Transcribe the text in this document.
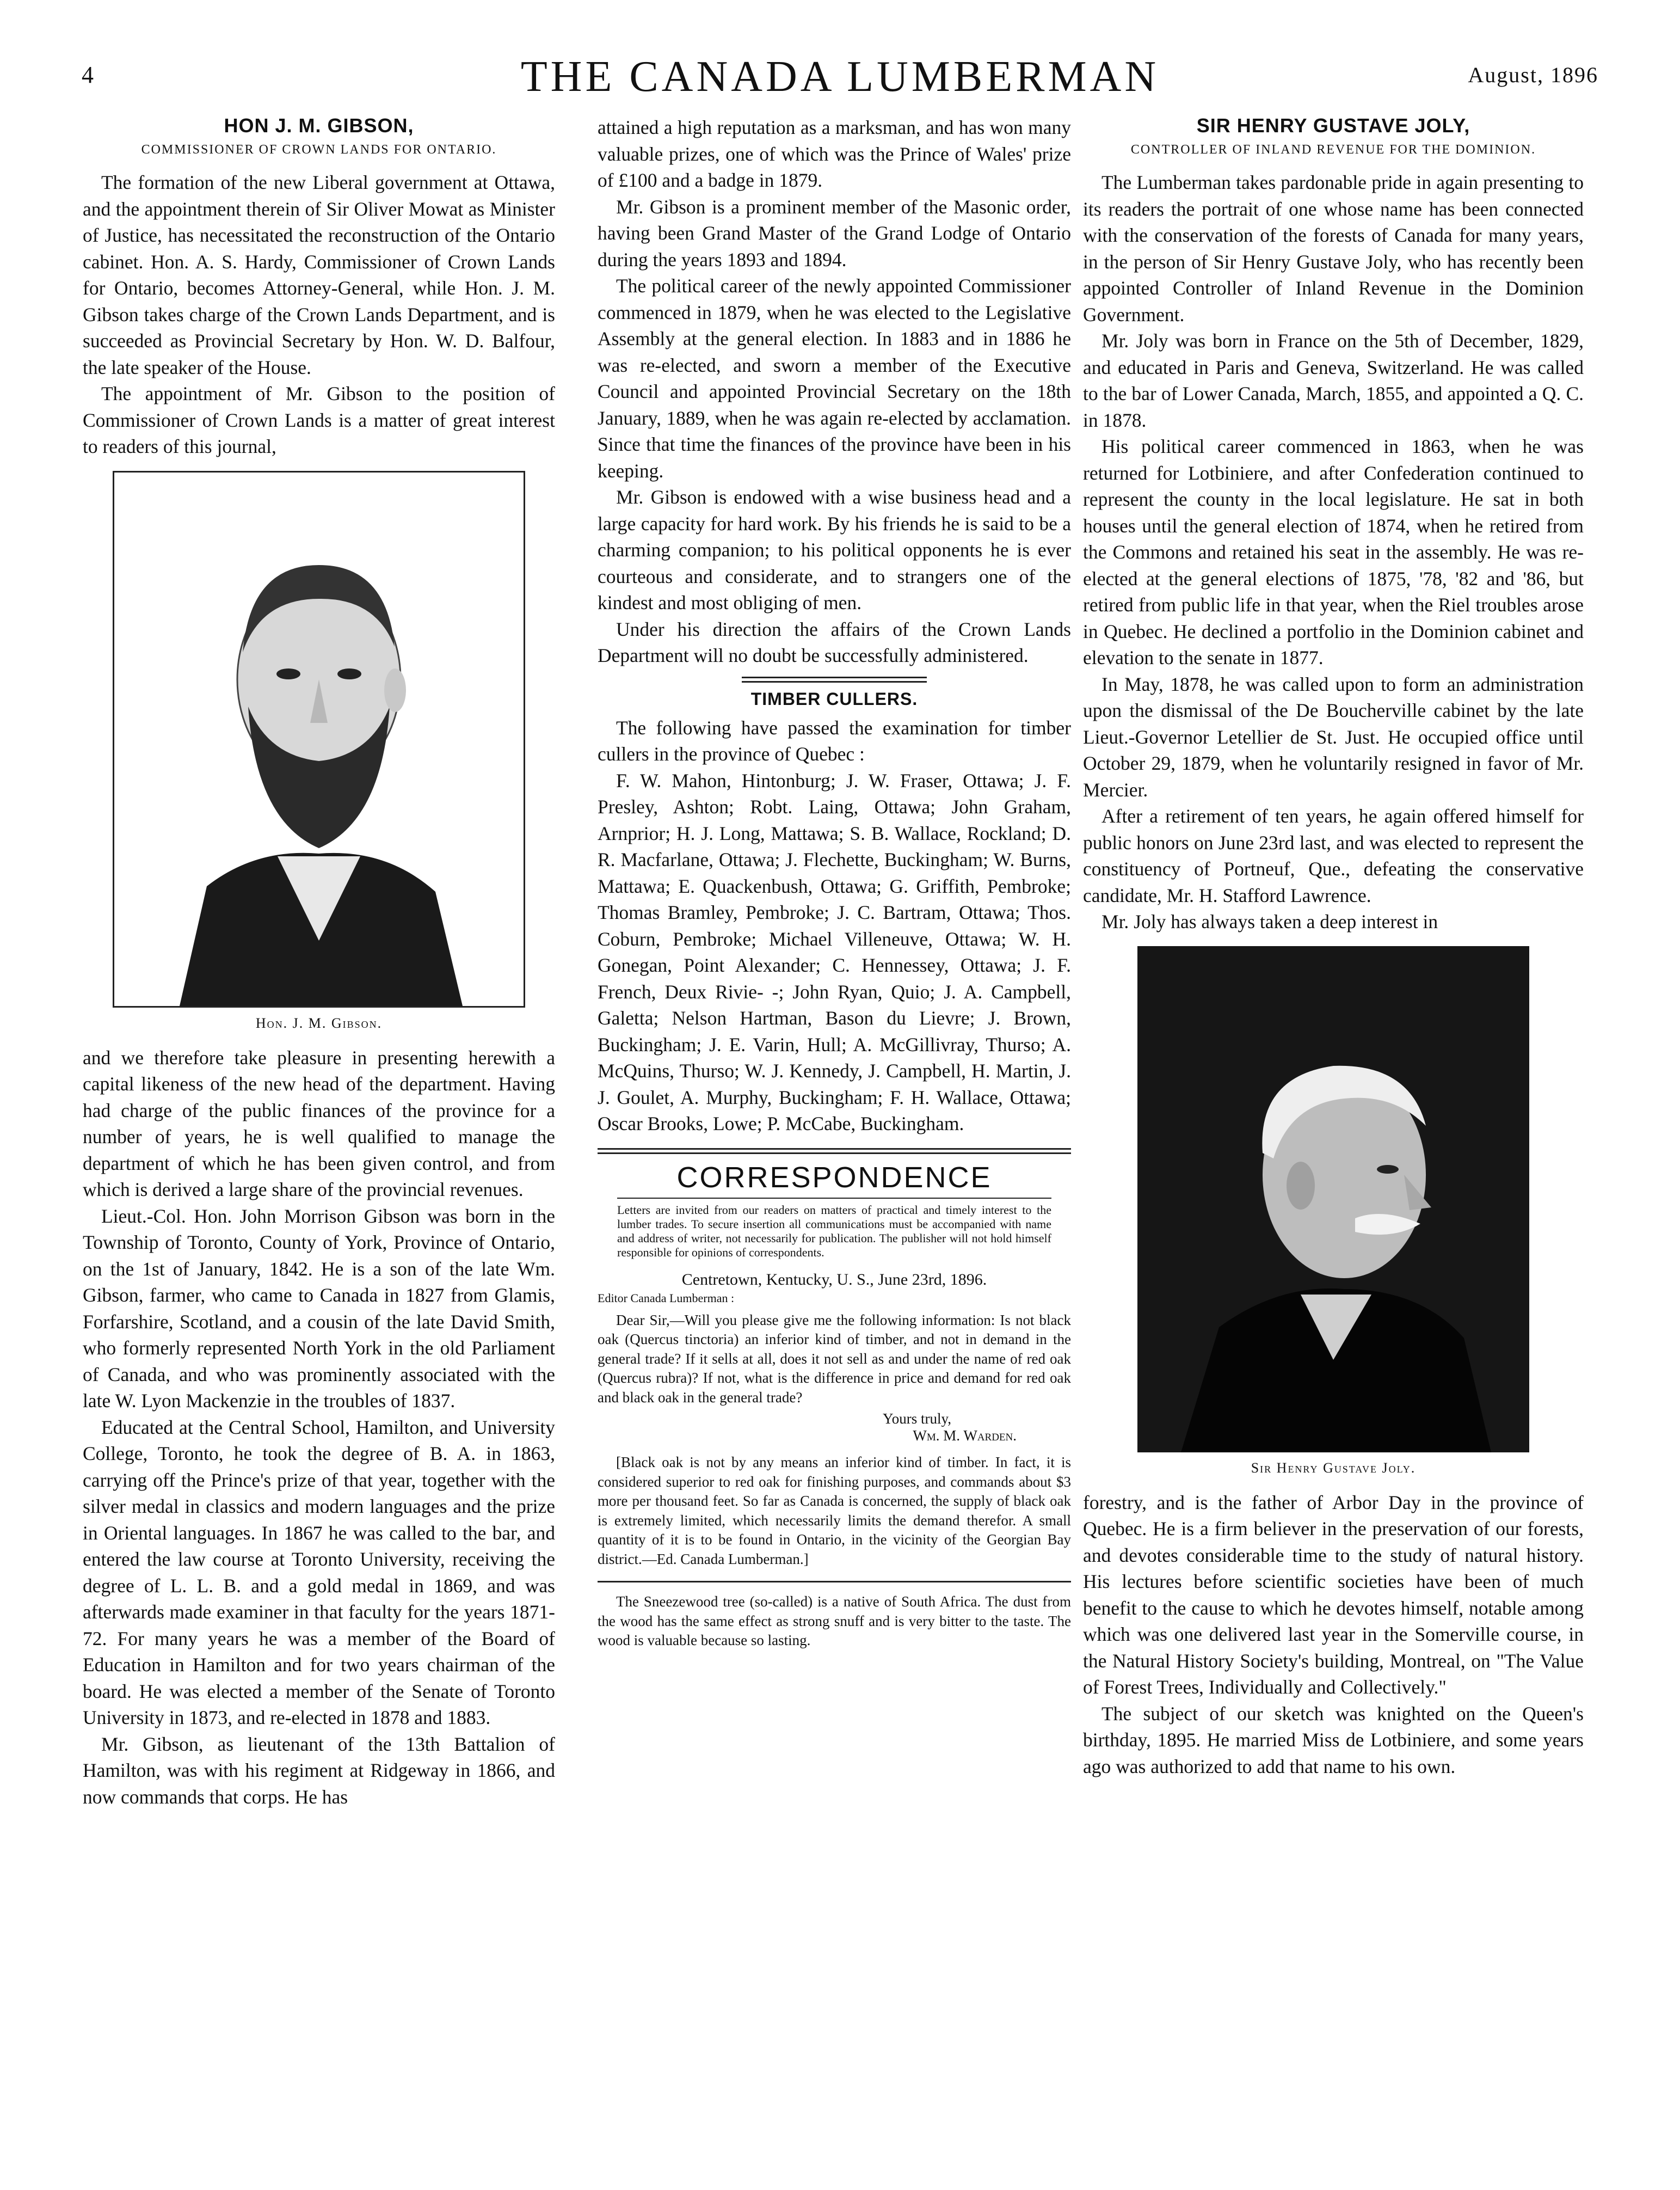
4	THE CANADA LUMBERMAN	August, 1896
HON J. M. GIBSON,
COMMISSIONER OF CROWN LANDS FOR ONTARIO.

The formation of the new Liberal government at Ottawa, and the appointment therein of Sir Oliver Mowat as Minister of Justice, has necessitated the reconstruction of the Ontario cabinet. Hon. A. S. Hardy, Commissioner of Crown Lands for Ontario, becomes Attorney-General, while Hon. J. M. Gibson takes charge of the Crown Lands Department, and is succeeded as Provincial Secretary by Hon. W. D. Balfour, the late speaker of the House.

The appointment of Mr. Gibson to the position of Commissioner of Crown Lands is a matter of great interest to readers of this journal,

Hon. J. M. Gibson.

and we therefore take pleasure in presenting herewith a capital likeness of the new head of the department. Having had charge of the public finances of the province for a number of years, he is well qualified to manage the department of which he has been given control, and from which is derived a large share of the provincial revenues.

Lieut.-Col. Hon. John Morrison Gibson was born in the Township of Toronto, County of York, Province of Ontario, on the 1st of January, 1842. He is a son of the late Wm. Gibson, farmer, who came to Canada in 1827 from Glamis, Forfarshire, Scotland, and a cousin of the late David Smith, who formerly represented North York in the old Parliament of Canada, and who was prominently associated with the late W. Lyon Mackenzie in the troubles of 1837.

Educated at the Central School, Hamilton, and University College, Toronto, he took the degree of B. A. in 1863, carrying off the Prince's prize of that year, together with the silver medal in classics and modern languages and the prize in Oriental languages. In 1867 he was called to the bar, and entered the law course at Toronto University, receiving the degree of L. L. B. and a gold medal in 1869, and was afterwards made examiner in that faculty for the years 1871-72. For many years he was a member of the Board of Education in Hamilton and for two years chairman of the board. He was elected a member of the Senate of Toronto University in 1873, and re-elected in 1878 and 1883.

Mr. Gibson, as lieutenant of the 13th Battalion of Hamilton, was with his regiment at Ridgeway in 1866, and now commands that corps. He has

attained a high reputation as a marksman, and has won many valuable prizes, one of which was the Prince of Wales' prize of £100 and a badge in 1879.

Mr. Gibson is a prominent member of the Masonic order, having been Grand Master of the Grand Lodge of Ontario during the years 1893 and 1894.

The political career of the newly appointed Commissioner commenced in 1879, when he was elected to the Legislative Assembly at the general election. In 1883 and in 1886 he was re-elected, and sworn a member of the Executive Council and appointed Provincial Secretary on the 18th January, 1889, when he was again re-elected by acclamation. Since that time the finances of the province have been in his keeping.

Mr. Gibson is endowed with a wise business head and a large capacity for hard work. By his friends he is said to be a charming companion; to his political opponents he is ever courteous and considerate, and to strangers one of the kindest and most obliging of men.

Under his direction the affairs of the Crown Lands Department will no doubt be successfully administered.

TIMBER CULLERS.

The following have passed the examination for timber cullers in the province of Quebec :

F. W. Mahon, Hintonburg; J. W. Fraser, Ottawa; J. F. Presley, Ashton; Robt. Laing, Ottawa; John Graham, Arnprior; H. J. Long, Mattawa; S. B. Wallace, Rockland; D. R. Macfarlane, Ottawa; J. Flechette, Buckingham; W. Burns, Mattawa; E. Quackenbush, Ottawa; G. Griffith, Pembroke; Thomas Bramley, Pembroke; J. C. Bartram, Ottawa; Thos. Coburn, Pembroke; Michael Villeneuve, Ottawa; W. H. Gonegan, Point Alexander; C. Hennessey, Ottawa; J. F. French, Deux Rivie- -; John Ryan, Quio; J. A. Campbell, Galetta; Nelson Hartman, Bason du Lievre; J. Brown, Buckingham; J. E. Varin, Hull; A. McGillivray, Thurso; A. McQuins, Thurso; W. J. Kennedy, J. Campbell, H. Martin, J. J. Goulet, A. Murphy, Buckingham; F. H. Wallace, Ottawa; Oscar Brooks, Lowe; P. McCabe, Buckingham.

CORRESPONDENCE
Letters are invited from our readers on matters of practical and timely interest to the lumber trades. To secure insertion all communications must be accompanied with name and address of writer, not necessarily for publication. The publisher will not hold himself responsible for opinions of correspondents.
Centretown, Kentucky, U. S., June 23rd, 1896.
Editor Canada Lumberman :

Dear Sir,—Will you please give me the following information: Is not black oak (Quercus tinctoria) an inferior kind of timber, and not in demand in the general trade? If it sells at all, does it not sell as and under the name of red oak (Quercus rubra)? If not, what is the difference in price and demand for red oak and black oak in the general trade?

Yours truly,
Wm. M. Warden.

[Black oak is not by any means an inferior kind of timber. In fact, it is considered superior to red oak for finishing purposes, and commands about $3 more per thousand feet. So far as Canada is concerned, the supply of black oak is extremely limited, which necessarily limits the demand therefor. A small quantity of it is to be found in Ontario, in the vicinity of the Georgian Bay district.—Ed. Canada Lumberman.]

The Sneezewood tree (so-called) is a native of South Africa. The dust from the wood has the same effect as strong snuff and is very bitter to the taste. The wood is valuable because so lasting.

SIR HENRY GUSTAVE JOLY,
CONTROLLER OF INLAND REVENUE FOR THE DOMINION.

The Lumberman takes pardonable pride in again presenting to its readers the portrait of one whose name has been connected with the conservation of the forests of Canada for many years, in the person of Sir Henry Gustave Joly, who has recently been appointed Controller of Inland Revenue in the Dominion Government.

Mr. Joly was born in France on the 5th of December, 1829, and educated in Paris and Geneva, Switzerland. He was called to the bar of Lower Canada, March, 1855, and appointed a Q. C. in 1878.

His political career commenced in 1863, when he was returned for Lotbiniere, and after Confederation continued to represent the county in the local legislature. He sat in both houses until the general election of 1874, when he retired from the Commons and retained his seat in the assembly. He was re-elected at the general elections of 1875, '78, '82 and '86, but retired from public life in that year, when the Riel troubles arose in Quebec. He declined a portfolio in the Dominion cabinet and elevation to the senate in 1877.

In May, 1878, he was called upon to form an administration upon the dismissal of the De Boucherville cabinet by the late Lieut.-Governor Letellier de St. Just. He occupied office until October 29, 1879, when he voluntarily resigned in favor of Mr. Mercier.

After a retirement of ten years, he again offered himself for public honors on June 23rd last, and was elected to represent the constituency of Portneuf, Que., defeating the conservative candidate, Mr. H. Stafford Lawrence.

Mr. Joly has always taken a deep interest in

Sir Henry Gustave Joly.

forestry, and is the father of Arbor Day in the province of Quebec. He is a firm believer in the preservation of our forests, and devotes considerable time to the study of natural history. His lectures before scientific societies have been of much benefit to the cause to which he devotes himself, notable among which was one delivered last year in the Somerville course, in the Natural History Society's building, Montreal, on "The Value of Forest Trees, Individually and Collectively."

The subject of our sketch was knighted on the Queen's birthday, 1895. He married Miss de Lotbiniere, and some years ago was authorized to add that name to his own.
